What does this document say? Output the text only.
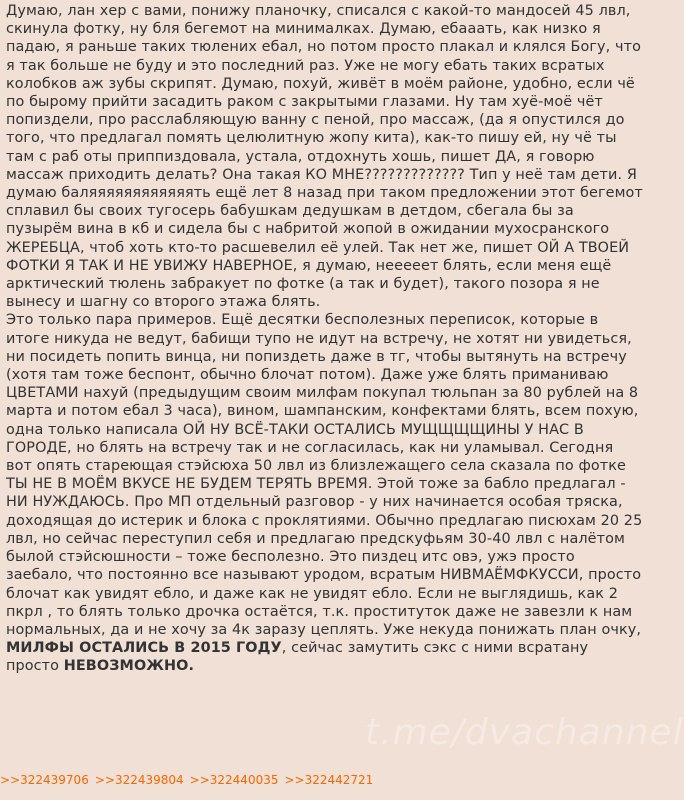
Думаю, лан хер с вами, понижу планочку, списался с какой-то мандосей 45 лвл, скинула фотку, ну бля бегемот на минималках. Думаю, ебааать, как низко я падаю, я раньше таких тюлених ебал, но потом просто плакал и клялся Богу, что я так больше не буду и это последний раз. Уже не могу ебать таких всратых колобков аж зубы скрипят. Думаю, похуй, живёт в моём районе, удобно, если чё по бырому прийти засадить раком с закрытыми глазами. Ну там хуё-моё чёт попиздели, про расслабляющую ванну с пеной, про массаж, (да я опустился до того, что предлагал помять целюлитную жопу кита), как-то пишу ей, ну чё ты там с раб оты приппиздовала, устала, отдохнуть хошь, пишет ДА, я говорю массаж приходить делать? Она такая КО МНЕ????????????? Тип у неё там дети. Я думаю баляяяяяяяяяяяять ещё лет 8 назад при таком предложении этот бегемот сплавил бы своих тугосерь бабушкам дедушкам в детдом, сбегала бы за пузырём вина в кб и сидела бы с набритой жопой в ожидании мухосранского ЖЕРЕБЦА, чтоб хоть кто-то расшевелил её улей. Так нет же, пишет ОЙ А ТВОЕЙ ФОТКИ Я ТАК И НЕ УВИЖУ НАВЕРНОЕ, я думаю, нееееет блять, если меня ещё арктический тюлень забракует по фотке (а так и будет), такого позора я не вынесу и шагну со второго этажа блять.
Это только пара примеров. Ещё десятки бесполезных переписок, которые в итоге никуда не ведут, бабищи тупо не идут на встречу, не хотят ни увидеться, ни посидеть попить винца, ни попиздеть даже в тг, чтобы вытянуть на встречу (хотя там тоже беспонт, обычно блочат потом). Даже уже блять приманиваю ЦВЕТАМИ нахуй (предыдущим своим милфам покупал тюльпан за 80 рублей на 8 марта и потом ебал 3 часа), вином, шампанским, конфектами блять, всем похую, одна только написала ОЙ НУ ВСЁ-ТАКИ ОСТАЛИСЬ МУЩЩЩЩИНЫ У НАС В ГОРОДЕ, но блять на встречу так и не согласилась, как ни уламывал. Сегодня вот опять стареющая стэйсюха 50 лвл из близлежащего села сказала по фотке ТЫ НЕ В МОЁМ ВКУСЕ НЕ БУДЕМ ТЕРЯТЬ ВРЕМЯ. Этой тоже за бабло предлагал - НИ НУЖДАЮСЬ. Про МП отдельный разговор - у них начинается особая тряска, доходящая до истерик и блока с проклятиями. Обычно предлагаю писюхам 20 25 лвл, но сейчас переступил себя и предлагаю предскуфьям 30-40 лвл с налётом былой стэйсюшности – тоже бесполезно. Это пиздец итс овэ, ужэ просто заебало, что постоянно все называют уродом, всратым НИВМАЁМФКУССИ, просто блочат как увидят ебло, и даже как не увидят ебло. Если не выглядишь, как 2 пкрл , то блять только дрочка остаётся, т.к. проституток даже не завезли к нам нормальных, да и не хочу за 4к заразу цеплять. Уже некуда понижать план очку, МИЛФЫ ОСТАЛИСЬ В 2015 ГОДУ, сейчас замутить сэкс с ними всратану просто НЕВОЗМОЖНО.
t.me/dvachannel
>>322439706 >>322439804 >>322440035 >>322442721
